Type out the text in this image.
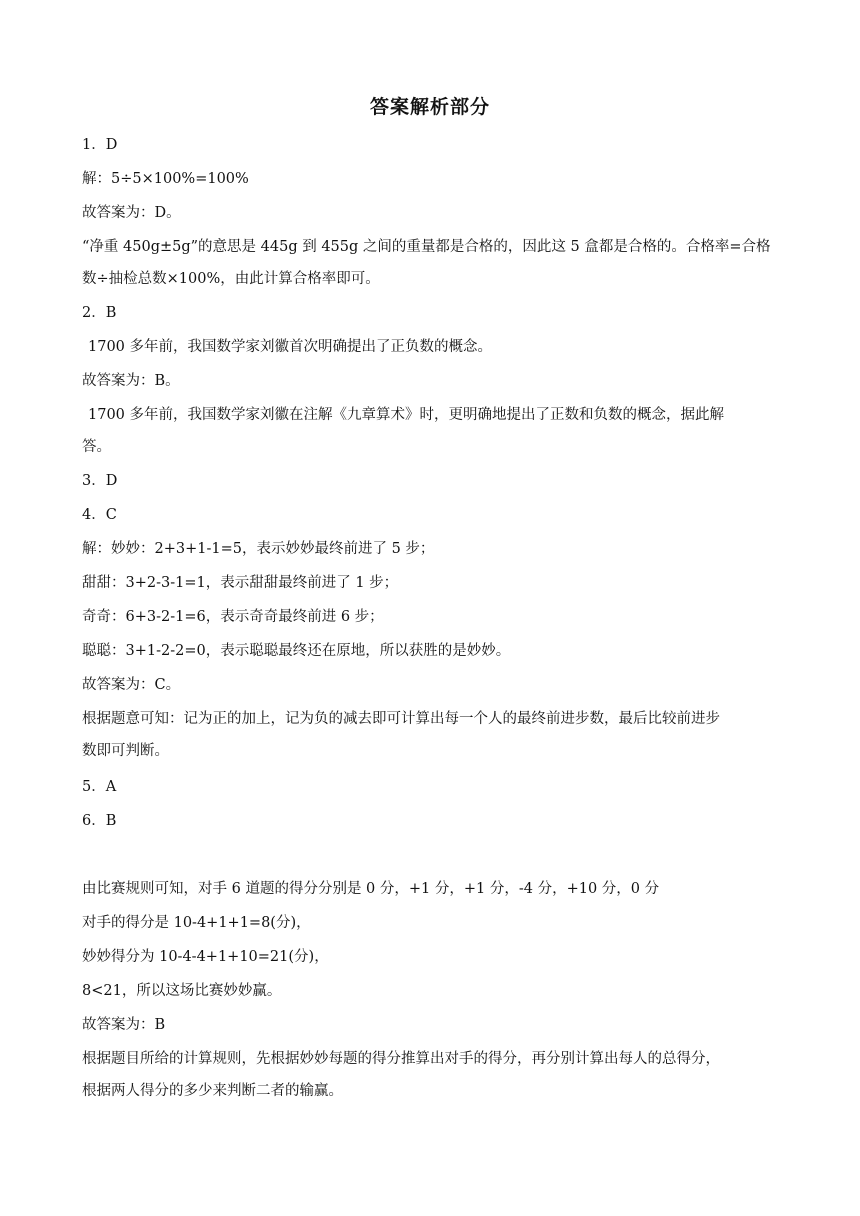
答案解析部分
1．D
解：5÷5×100%=100%
故答案为：D。
“净重 450g±5g”的意思是 445g 到 455g 之间的重量都是合格的，因此这 5 盒都是合格的。合格率=合格
数÷抽检总数×100%，由此计算合格率即可。
2．B
1700 多年前，我国数学家刘徽首次明确提出了正负数的概念。
故答案为：B。
1700 多年前，我国数学家刘徽在注解《九章算术》时，更明确地提出了正数和负数的概念，据此解
答。
3．D
4．C
解：妙妙：2+3+1-1=5，表示妙妙最终前进了 5 步；
甜甜：3+2-3-1=1，表示甜甜最终前进了 1 步；
奇奇：6+3-2-1=6，表示奇奇最终前进 6 步；
聪聪：3+1-2-2=0，表示聪聪最终还在原地，所以获胜的是妙妙。
故答案为：C。
根据题意可知：记为正的加上，记为负的减去即可计算出每一个人的最终前进步数，最后比较前进步
数即可判断。
5．A
6．B
由比赛规则可知，对手 6 道题的得分分别是 0 分，+1 分，+1 分，-4 分，+10 分，0 分
对手的得分是 10-4+1+1=8(分)，
妙妙得分为 10-4-4+1+10=21(分)，
8<21，所以这场比赛妙妙赢。
故答案为：B
根据题目所给的计算规则，先根据妙妙每题的得分推算出对手的得分，再分别计算出每人的总得分，
根据两人得分的多少来判断二者的输赢。
